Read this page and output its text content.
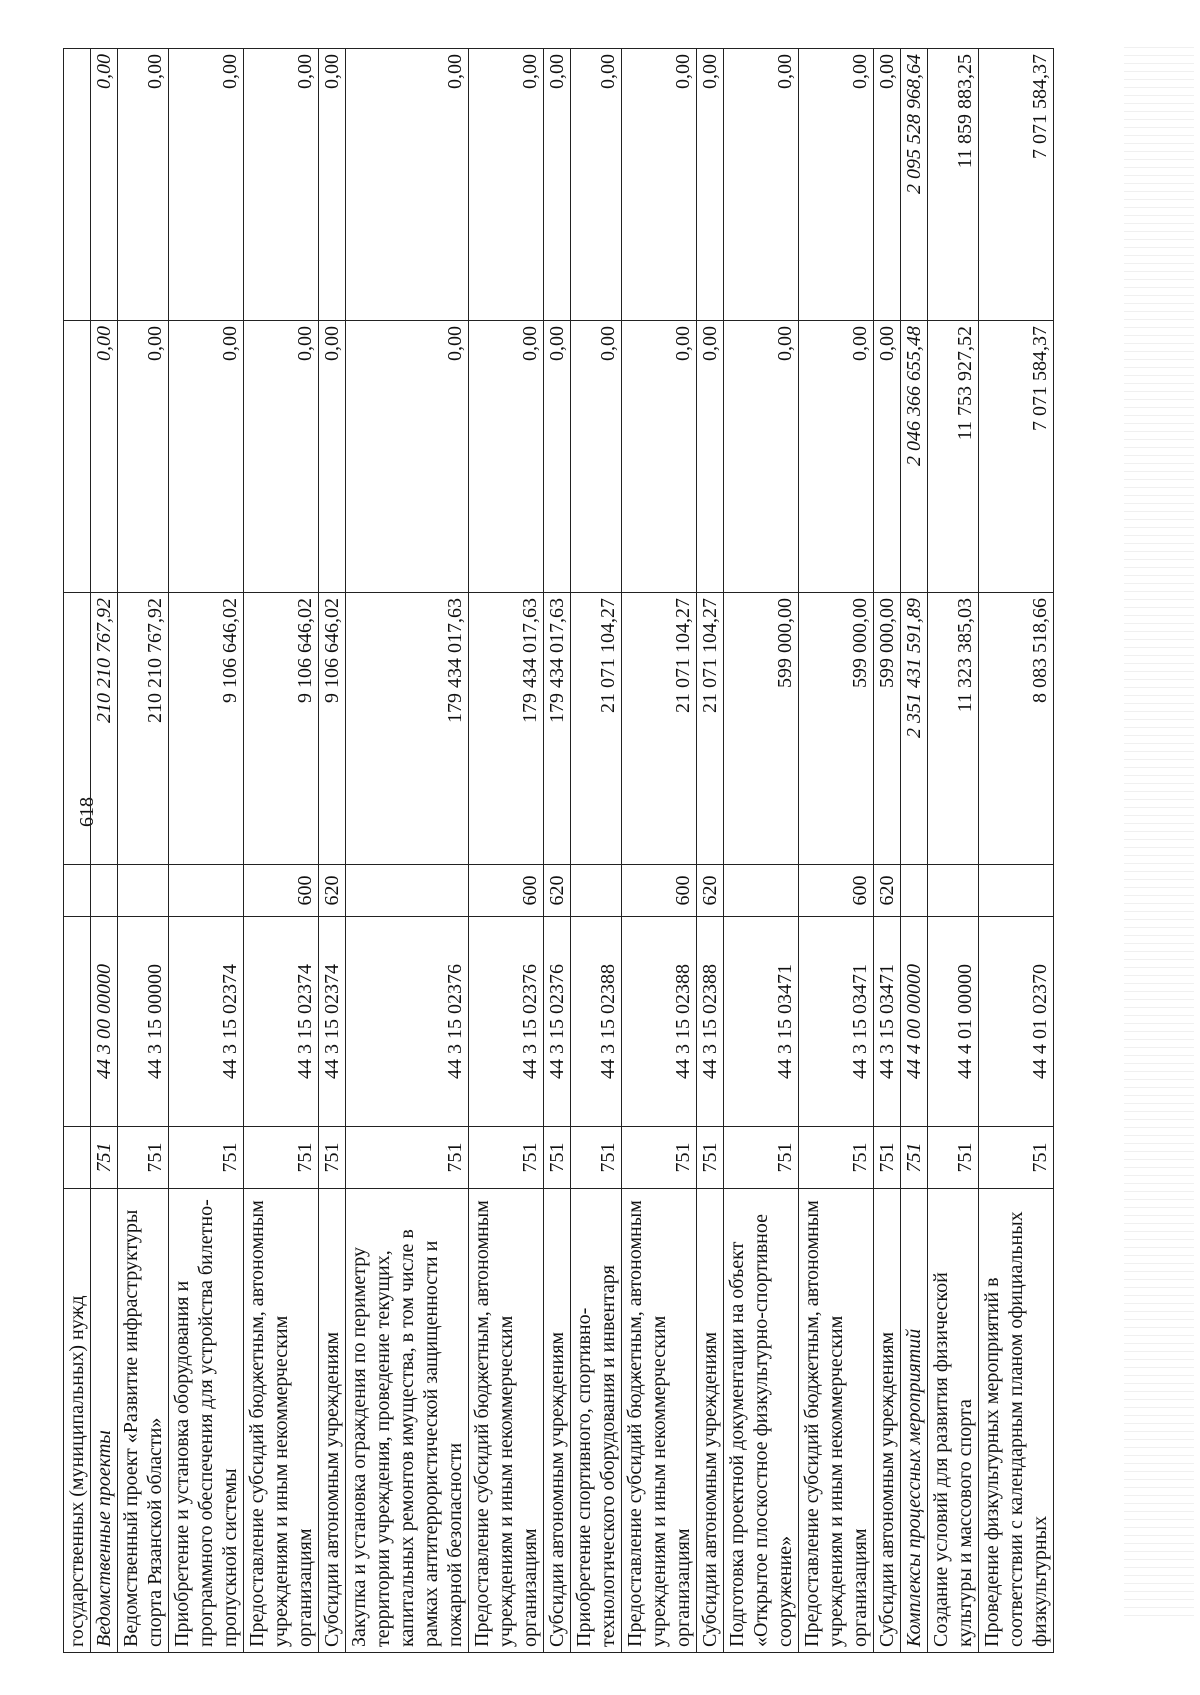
618
государственных (муниципальных) нужд						
Ведомственные проекты	751	44 3 00 00000		210 210 767,92	0,00	0,00
Ведомственный проект «Развитие инфраструктуры спорта Рязанской области»	751	44 3 15 00000		210 210 767,92	0,00	0,00
Приобретение и установка оборудования и программного обеспечения для устройства билетно-пропускной системы	751	44 3 15 02374		9 106 646,02	0,00	0,00
Предоставление субсидий бюджетным, автономным учреждениям и иным некоммерческим организациям	751	44 3 15 02374	600	9 106 646,02	0,00	0,00
Субсидии автономным учреждениям	751	44 3 15 02374	620	9 106 646,02	0,00	0,00
Закупка и установка ограждения по периметру территории учреждения, проведение текущих, капитальных ремонтов имущества, в том числе в рамках антитеррористической защищенности и пожарной безопасности	751	44 3 15 02376		179 434 017,63	0,00	0,00
Предоставление субсидий бюджетным, автономным учреждениям и иным некоммерческим организациям	751	44 3 15 02376	600	179 434 017,63	0,00	0,00
Субсидии автономным учреждениям	751	44 3 15 02376	620	179 434 017,63	0,00	0,00
Приобретение спортивного, спортивно-технологического оборудования и инвентаря	751	44 3 15 02388		21 071 104,27	0,00	0,00
Предоставление субсидий бюджетным, автономным учреждениям и иным некоммерческим организациям	751	44 3 15 02388	600	21 071 104,27	0,00	0,00
Субсидии автономным учреждениям	751	44 3 15 02388	620	21 071 104,27	0,00	0,00
Подготовка проектной документации на объект «Открытое плоскостное физкультурно-спортивное сооружение»	751	44 3 15 03471		599 000,00	0,00	0,00
Предоставление субсидий бюджетным, автономным учреждениям и иным некоммерческим организациям	751	44 3 15 03471	600	599 000,00	0,00	0,00
Субсидии автономным учреждениям	751	44 3 15 03471	620	599 000,00	0,00	0,00
Комплексы процессных мероприятий	751	44 4 00 00000		2 351 431 591,89	2 046 366 655,48	2 095 528 968,64
Создание условий для развития физической культуры и массового спорта	751	44 4 01 00000		11 323 385,03	11 753 927,52	11 859 883,25
Проведение физкультурных мероприятий в соответствии с календарным планом официальных физкультурных	751	44 4 01 02370		8 083 518,66	7 071 584,37	7 071 584,37
